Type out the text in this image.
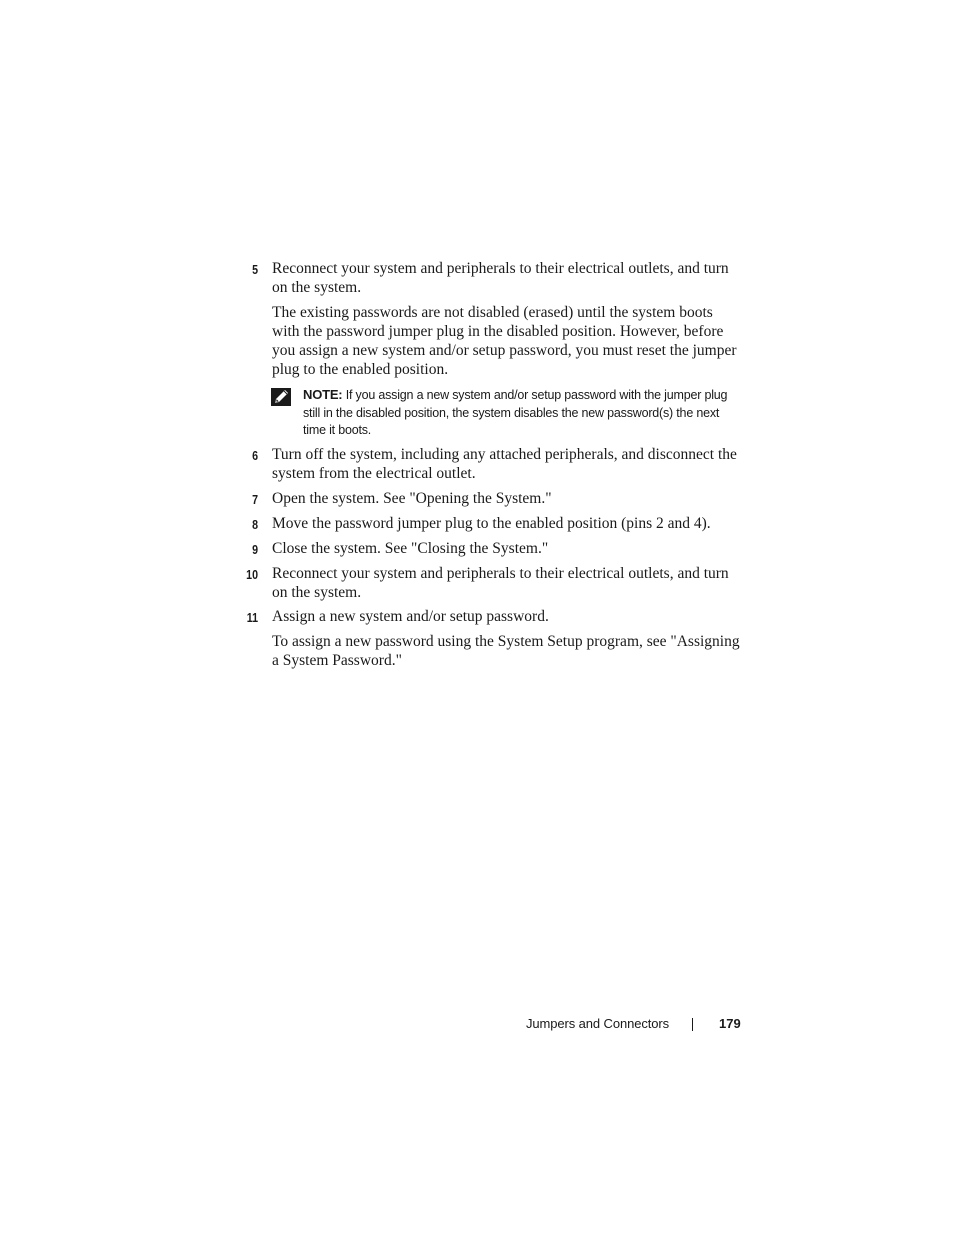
5 Reconnect your system and peripherals to their electrical outlets, and turn on the system.
The existing passwords are not disabled (erased) until the system boots with the password jumper plug in the disabled position. However, before you assign a new system and/or setup password, you must reset the jumper plug to the enabled position.
NOTE: If you assign a new system and/or setup password with the jumper plug still in the disabled position, the system disables the new password(s) the next time it boots.
6 Turn off the system, including any attached peripherals, and disconnect the system from the electrical outlet.
7 Open the system. See "Opening the System."
8 Move the password jumper plug to the enabled position (pins 2 and 4).
9 Close the system. See "Closing the System."
10 Reconnect your system and peripherals to their electrical outlets, and turn on the system.
11 Assign a new system and/or setup password.
To assign a new password using the System Setup program, see "Assigning a System Password."
Jumpers and Connectors	179
